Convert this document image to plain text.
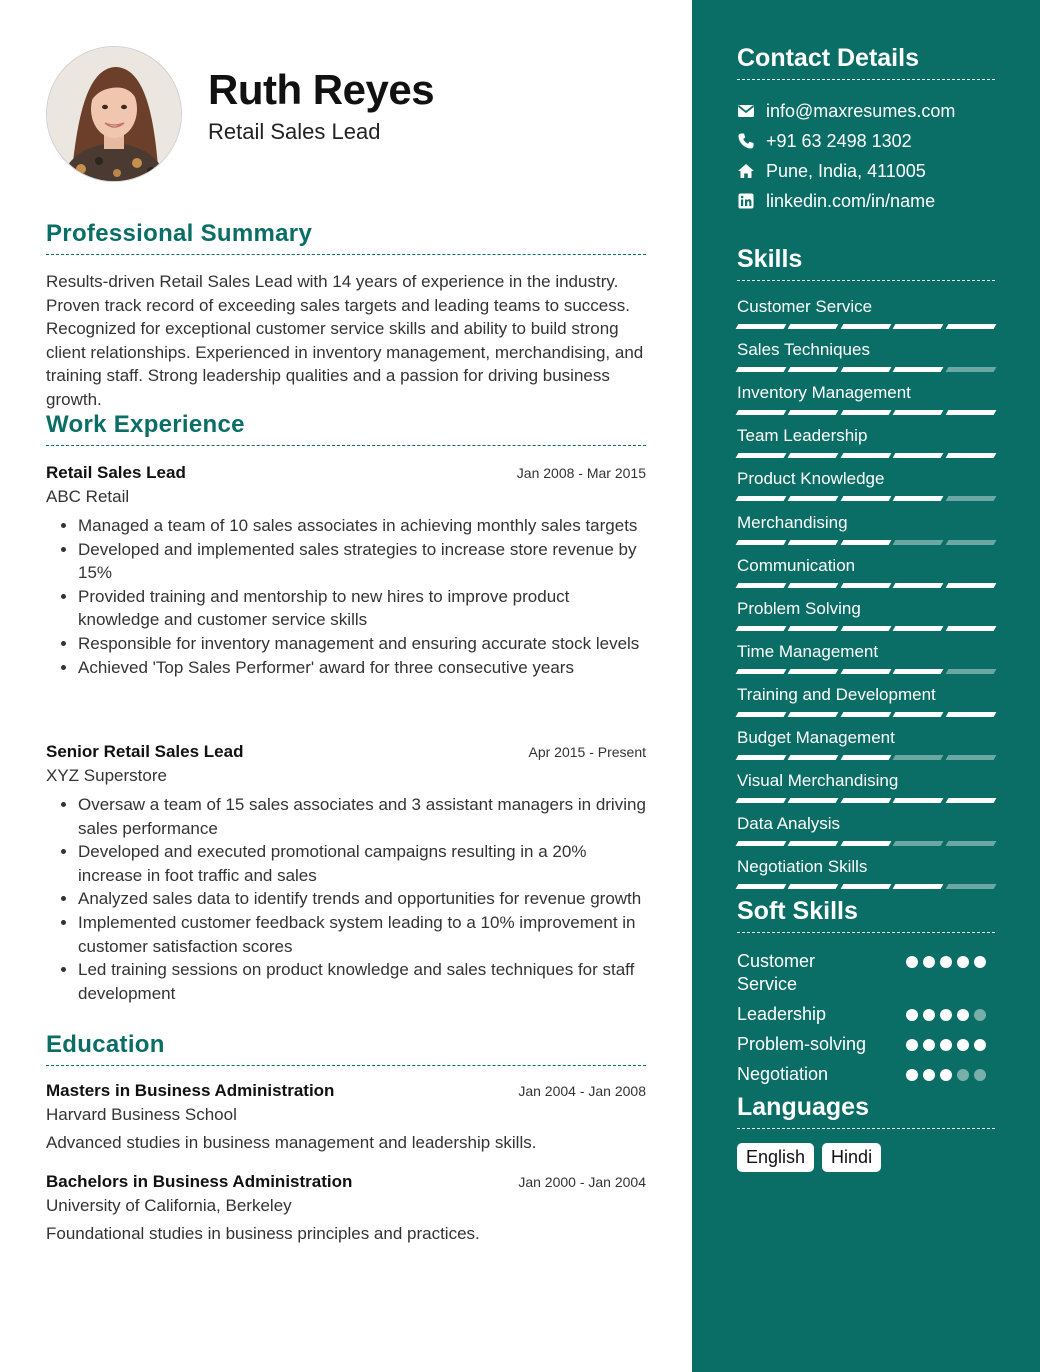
Ruth Reyes
Retail Sales Lead
Professional Summary
Results-driven Retail Sales Lead with 14 years of experience in the industry. Proven track record of exceeding sales targets and leading teams to success. Recognized for exceptional customer service skills and ability to build strong client relationships. Experienced in inventory management, merchandising, and training staff. Strong leadership qualities and a passion for driving business growth.
Work Experience
Retail Sales Lead	Jan 2008 - Mar 2015
ABC Retail
• Managed a team of 10 sales associates in achieving monthly sales targets
• Developed and implemented sales strategies to increase store revenue by 15%
• Provided training and mentorship to new hires to improve product knowledge and customer service skills
• Responsible for inventory management and ensuring accurate stock levels
• Achieved 'Top Sales Performer' award for three consecutive years
Senior Retail Sales Lead	Apr 2015 - Present
XYZ Superstore
• Oversaw a team of 15 sales associates and 3 assistant managers in driving sales performance
• Developed and executed promotional campaigns resulting in a 20% increase in foot traffic and sales
• Analyzed sales data to identify trends and opportunities for revenue growth
• Implemented customer feedback system leading to a 10% improvement in customer satisfaction scores
• Led training sessions on product knowledge and sales techniques for staff development
Education
Masters in Business Administration	Jan 2004 - Jan 2008
Harvard Business School
Advanced studies in business management and leadership skills.
Bachelors in Business Administration	Jan 2000 - Jan 2004
University of California, Berkeley
Foundational studies in business principles and practices.
Contact Details
info@maxresumes.com
+91 63 2498 1302
Pune, India, 411005
linkedin.com/in/name
Skills
Customer Service
Sales Techniques
Inventory Management
Team Leadership
Product Knowledge
Merchandising
Communication
Problem Solving
Time Management
Training and Development
Budget Management
Visual Merchandising
Data Analysis
Negotiation Skills
Soft Skills
Customer Service
Leadership
Problem-solving
Negotiation
Languages
English	Hindi
